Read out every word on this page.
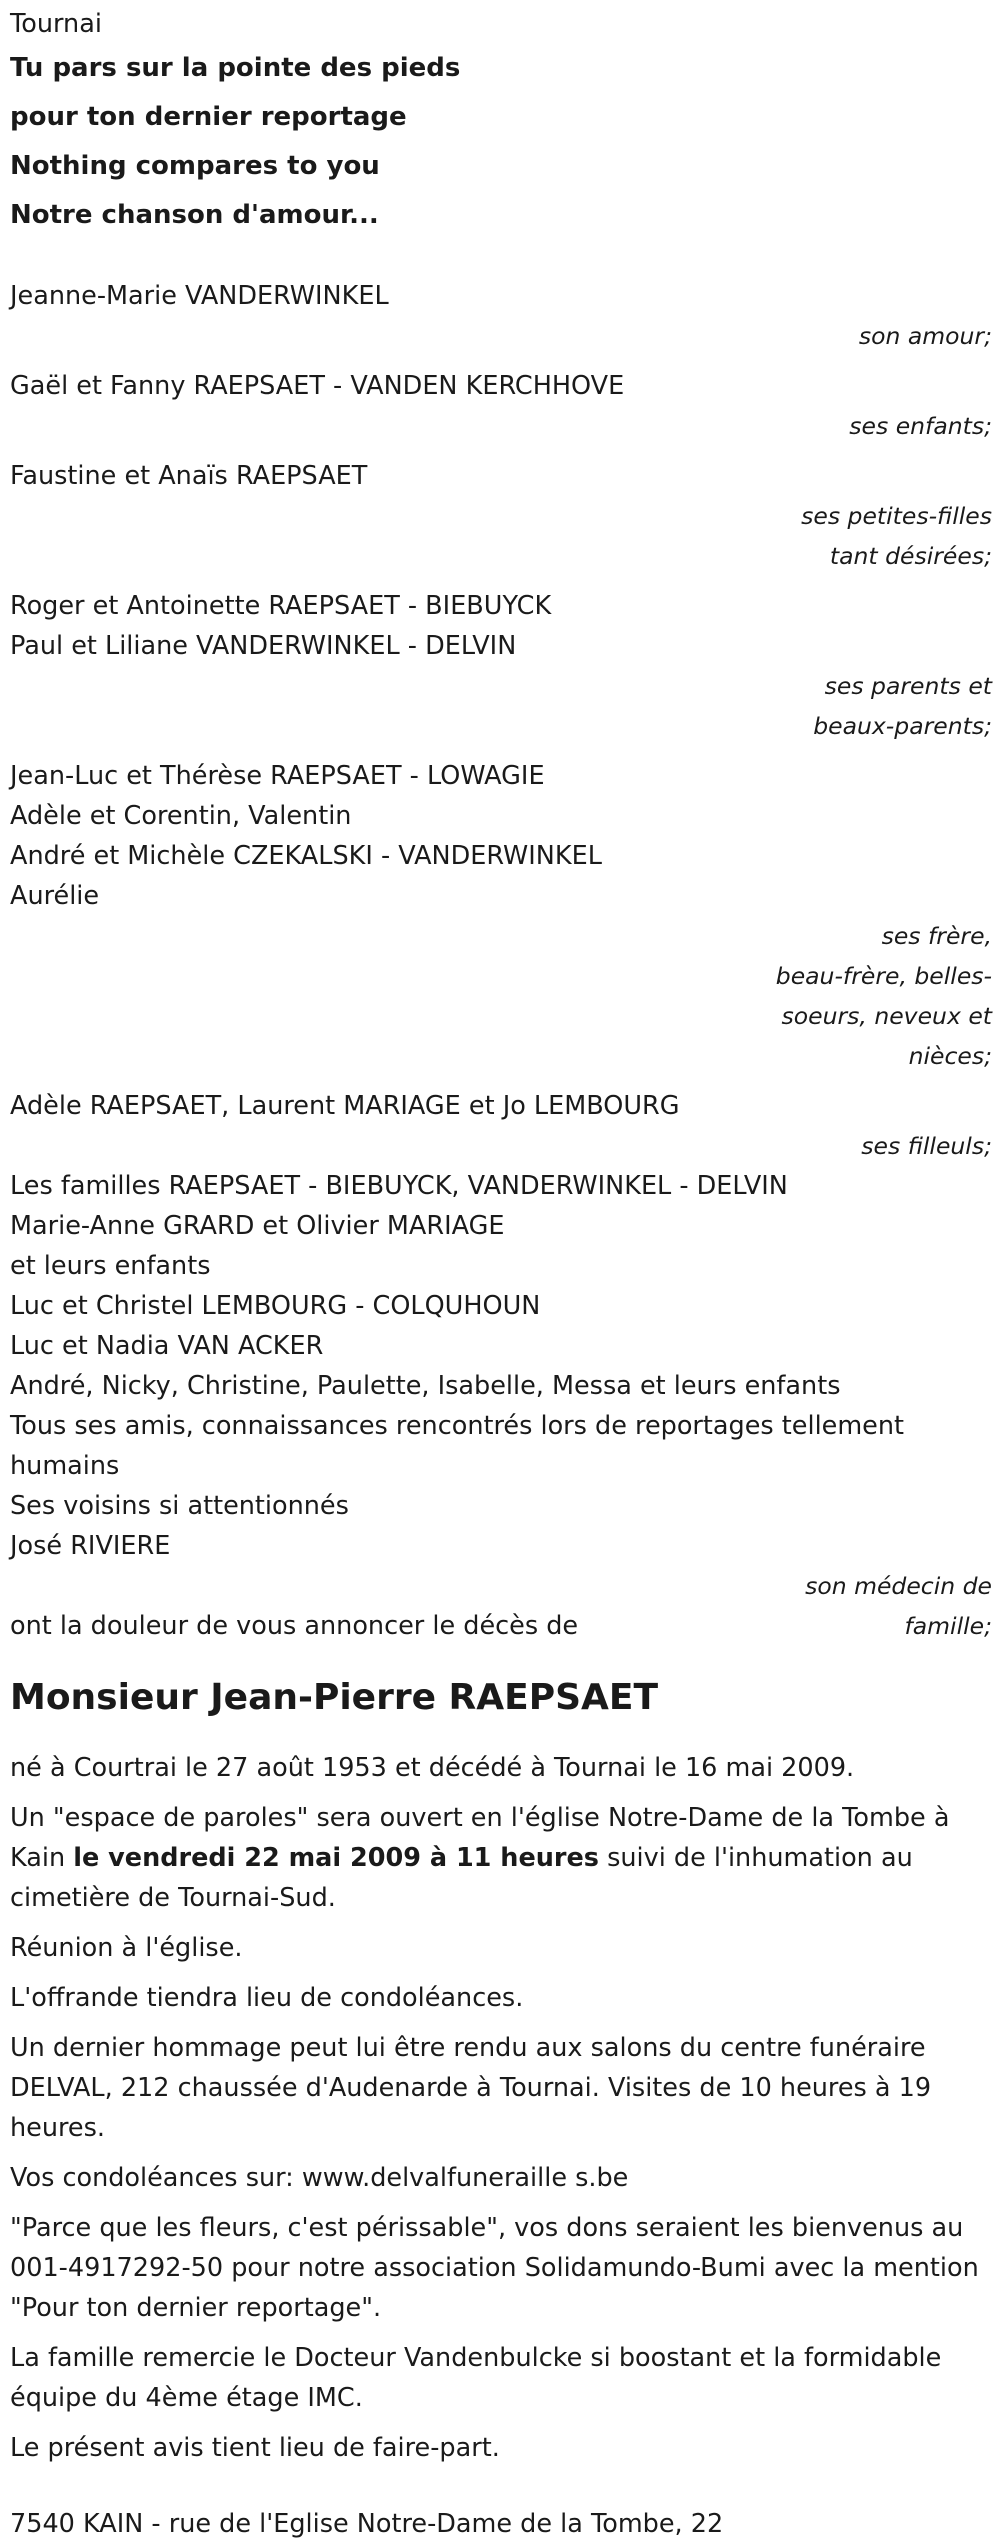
Tournai
Tu pars sur la pointe des pieds
pour ton dernier reportage
Nothing compares to you
Notre chanson d'amour...
Jeanne-Marie VANDERWINKEL
son amour;
Gaël et Fanny RAEPSAET - VANDEN KERCHHOVE
ses enfants;
Faustine et Anaïs RAEPSAET
ses petites-filles
tant désirées;
Roger et Antoinette RAEPSAET - BIEBUYCK
Paul et Liliane VANDERWINKEL - DELVIN
ses parents et
beaux-parents;
Jean-Luc et Thérèse RAEPSAET - LOWAGIE
Adèle et Corentin, Valentin
André et Michèle CZEKALSKI - VANDERWINKEL
Aurélie
ses frère,
beau-frère, belles-
soeurs, neveux et
nièces;
Adèle RAEPSAET, Laurent MARIAGE et Jo LEMBOURG
ses filleuls;
Les familles RAEPSAET - BIEBUYCK, VANDERWINKEL - DELVIN
Marie-Anne GRARD et Olivier MARIAGE
et leurs enfants
Luc et Christel LEMBOURG - COLQUHOUN
Luc et Nadia VAN ACKER
André, Nicky, Christine, Paulette, Isabelle, Messa et leurs enfants
Tous ses amis, connaissances rencontrés lors de reportages tellement
humains
Ses voisins si attentionnés
José RIVIERE
son médecin de
ont la douleur de vous annoncer le décès de	famille;
Monsieur Jean-Pierre RAEPSAET
né à Courtrai le 27 août 1953 et décédé à Tournai le 16 mai 2009.
Un "espace de paroles" sera ouvert en l'église Notre-Dame de la Tombe à Kain le vendredi 22 mai 2009 à 11 heures suivi de l'inhumation au cimetière de Tournai-Sud.
Réunion à l'église.
L'offrande tiendra lieu de condoléances.
Un dernier hommage peut lui être rendu aux salons du centre funéraire DELVAL, 212 chaussée d'Audenarde à Tournai. Visites de 10 heures à 19 heures.
Vos condoléances sur: www.delvalfuneraille s.be
"Parce que les fleurs, c'est périssable", vos dons seraient les bienvenus au 001-4917292-50 pour notre association Solidamundo-Bumi avec la mention "Pour ton dernier reportage".
La famille remercie le Docteur Vandenbulcke si boostant et la formidable équipe du 4ème étage IMC.
Le présent avis tient lieu de faire-part.
7540 KAIN - rue de l'Eglise Notre-Dame de la Tombe, 22
